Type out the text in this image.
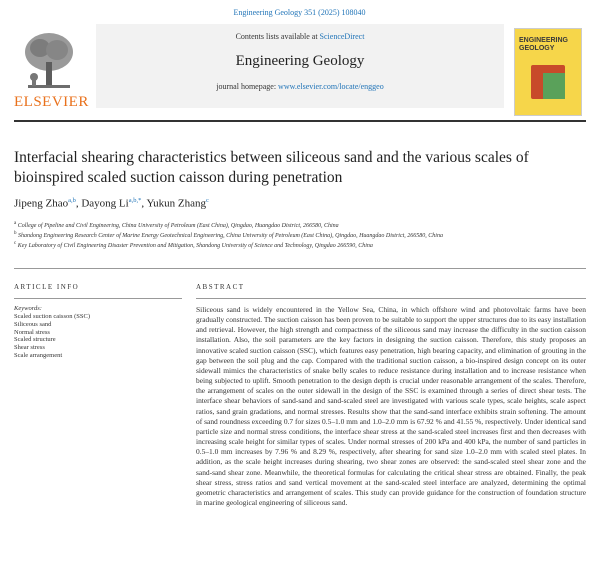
Engineering Geology 351 (2025) 108040
ELSEVIER
Contents lists available at ScienceDirect
Engineering Geology
journal homepage: www.elsevier.com/locate/enggeo
ENGINEERING GEOLOGY
Interfacial shearing characteristics between siliceous sand and the various scales of bioinspired scaled suction caisson during penetration
Jipeng Zhao$^{a,b}$, Dayong $Li^{a,b,*}$, Yukun Zhang$^c$
$^a$ College of Pipeline and Civil Engineering, China University of Petroleum (East China), Qingdao, Huangdao District, 266580, China
$^b$ Shandong Engineering Research Center of Marine Energy Geotechnical Engineering, China University of Petroleum (East China), Qingdao, Huangdao District, 266580, China
$^c$ Key Laboratory of Civil Engineering Disaster Prevention and Mitigation, Shandong University of Science and Technology, Qingdao 266590, China
ARTICLE INFO
Keywords:
Scaled suction caisson (SSC)
Siliceous sand
Normal stress
Scaled structure
Shear stress
Scale arrangement
ABSTRACT
Siliceous sand is widely encountered in the Yellow Sea, China, in which offshore wind and photovoltaic farms have been gradually constructed. The suction caisson has been proven to be suitable to support the upper structures due to its easy installation and retrieval. However, the high strength and compactness of the siliceous sand may increase the difficulty in the suction caisson installation. Also, the soil parameters are the key factors in designing the suction caisson. Therefore, this study proposes an innovative scaled suction caisson (SSC), which features easy penetration, high bearing capacity, and elimination of grouting in the gap between the soil plug and the cap. Compared with the traditional suction caisson, a bio-inspired design concept on its outer sidewall mimics the characteristics of snake belly scales to reduce resistance during installation and to increase resistance when being subjected to uplift. Smooth penetration to the design depth is crucial under reasonable arrangement of the scales. Therefore, the arrangement of scales on the outer sidewall in the design of the SSC is examined through a series of direct shear tests. The interface shear behaviors of sand-sand and sand-scaled steel are investigated with various scale types, scale heights, scale aspect ratios, sand grain gradations, and normal stresses. Results show that the sand-sand interface exhibits strain softening. The amount of sand roundness exceeding 0.7 for sizes 0.5–1.0 mm and 1.0–2.0 mm is 67.92 % and 41.55 %, respectively. Under identical sand particle size and normal stress conditions, the interface shear stress at the sand-scaled steel increases first and then decreases with increasing scale height for similar types of scales. Under normal stresses of 200 kPa and 400 kPa, the number of sand particles in 0.5–1.0 mm increases by 7.96 % and 8.29 %, respectively, after shearing for sand size 1.0–2.0 mm with scaled steel plates. In addition, as the scale height increases during shearing, two shear zones are observed: the sand-scaled steel shear zone and the sand-sand shear zone. Meanwhile, the theoretical formulas for calculating the critical shear stress are obtained. Finally, the peak shear stress, stress ratios and sand vertical movement at the sand-scaled steel interface are analyzed, determining the optimal geometric characteristics and arrangement of scales. This study can provide guidance for the construction of foundation structure in marine geological engineering of siliceous sand.
